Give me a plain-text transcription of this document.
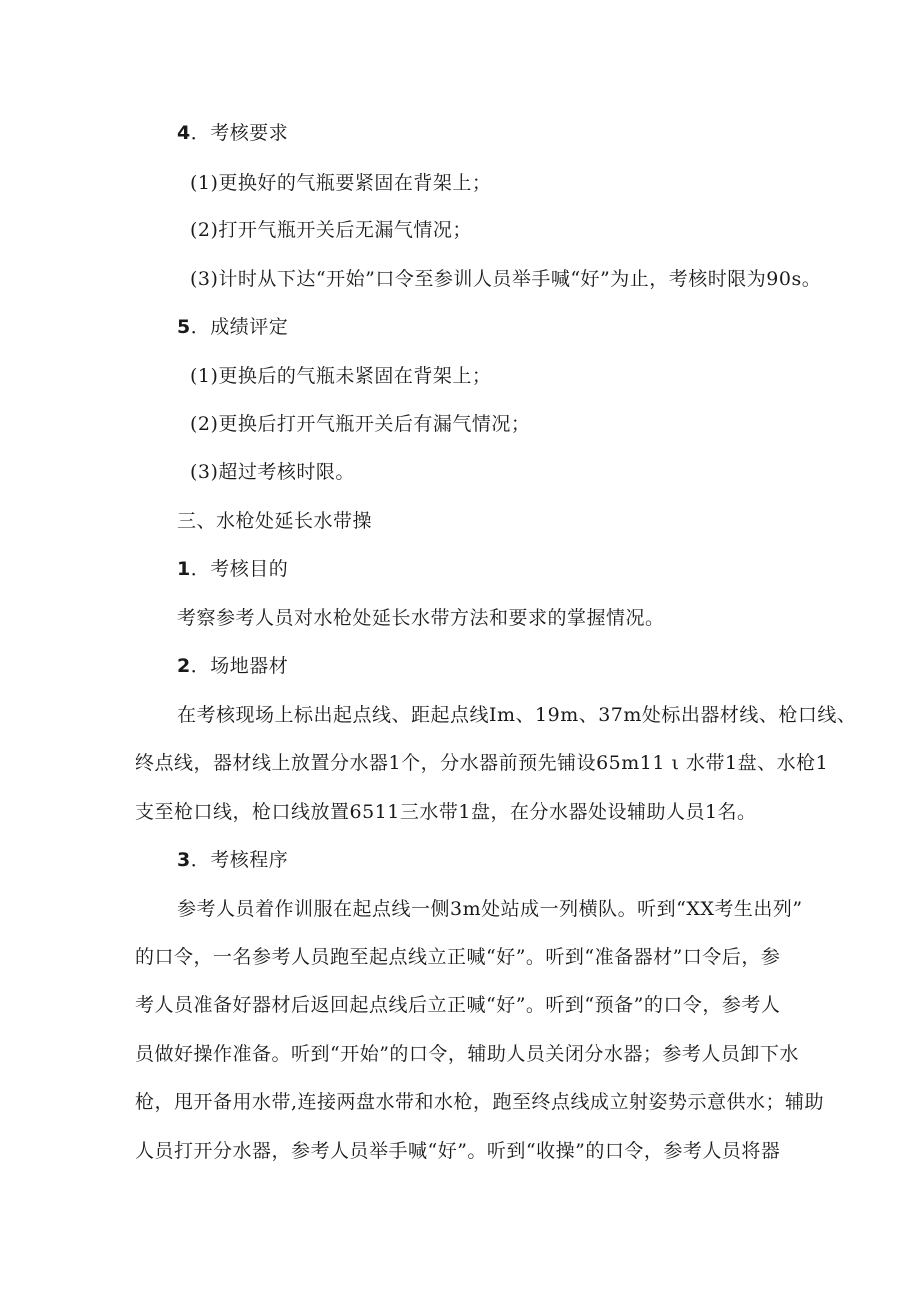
4．考核要求
(1)更换好的气瓶要紧固在背架上；
(2)打开气瓶开关后无漏气情况；
(3)计时从下达“开始”口令至参训人员举手喊“好”为止，考核时限为90s。
5．成绩评定
(1)更换后的气瓶未紧固在背架上；
(2)更换后打开气瓶开关后有漏气情况；
(3)超过考核时限。
三、水枪处延长水带操
1．考核目的
考察参考人员对水枪处延长水带方法和要求的掌握情况。
2．场地器材
在考核现场上标出起点线、距起点线Im、19m、37m处标出器材线、枪口线、
终点线，器材线上放置分水器1个，分水器前预先铺设65m11 ι 水带1盘、水枪1
支至枪口线，枪口线放置6511三水带1盘，在分水器处设辅助人员1名。
3．考核程序
参考人员着作训服在起点线一侧3m处站成一列横队。听到“XX考生出列”
的口令，一名参考人员跑至起点线立正喊“好”。听到“准备器材”口令后，参
考人员准备好器材后返回起点线后立正喊“好”。听到“预备”的口令，参考人
员做好操作准备。听到“开始”的口令，辅助人员关闭分水器；参考人员卸下水
枪，甩开备用水带,连接两盘水带和水枪，跑至终点线成立射姿势示意供水；辅助
人员打开分水器，参考人员举手喊“好”。听到“收操”的口令，参考人员将器
